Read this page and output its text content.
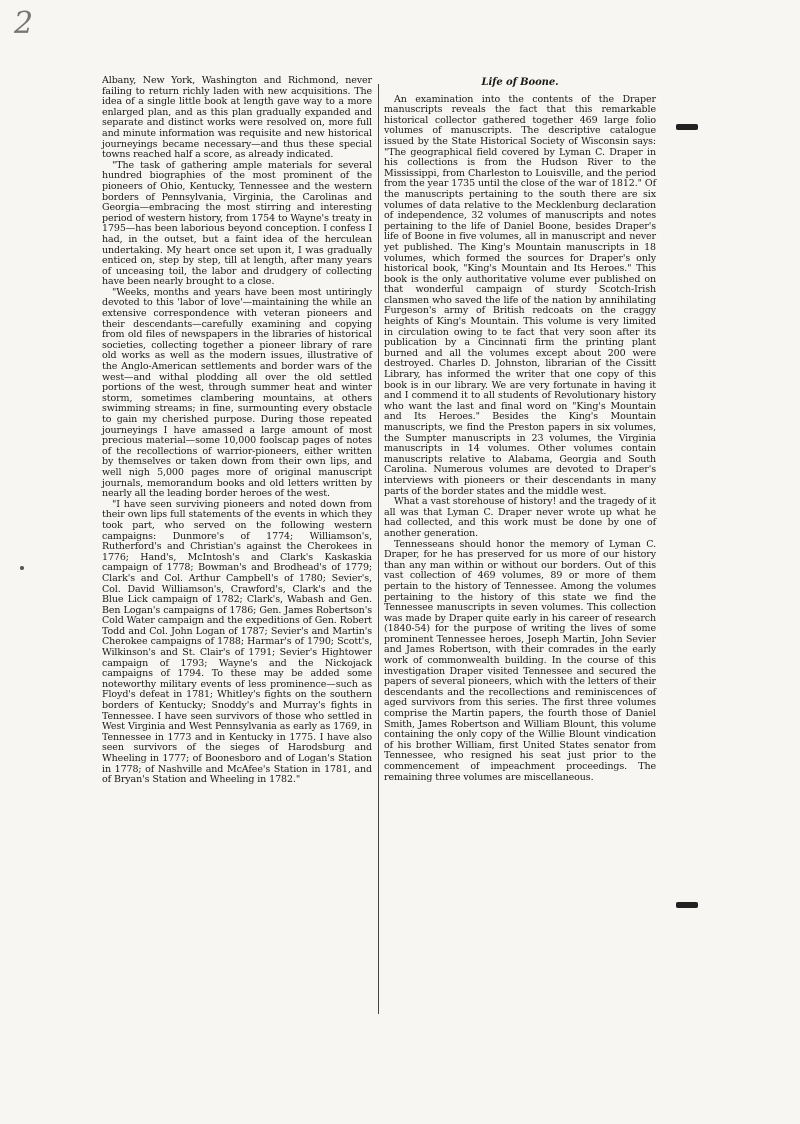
2

Albany, New York, Washington and Richmond, never failing to return richly laden with new acquisitions. The idea of a single little book at length gave way to a more enlarged plan, and as this plan gradually expanded and separate and distinct works were resolved on, more full and minute information was requisite and new historical journeyings became necessary—and thus these special towns reached half a score, as already indicated.

"The task of gathering ample materials for several hundred biographies of the most prominent of the pioneers of Ohio, Kentucky, Tennessee and the western borders of Pennsylvania, Virginia, the Carolinas and Georgia—embracing the most stirring and interesting period of western history, from 1754 to Wayne's treaty in 1795—has been laborious beyond conception. I confess I had, in the outset, but a faint idea of the herculean undertaking. My heart once set upon it, I was gradually enticed on, step by step, till at length, after many years of unceasing toil, the labor and drudgery of collecting have been nearly brought to a close.

"Weeks, months and years have been most untiringly devoted to this 'labor of love'—maintaining the while an extensive correspondence with veteran pioneers and their descendants—carefully examining and copying from old files of newspapers in the libraries of historical societies, collecting together a pioneer library of rare old works as well as the modern issues, illustrative of the Anglo-American settlements and border wars of the west—and withal plodding all over the old settled portions of the west, through summer heat and winter storm, sometimes clambering mountains, at others swimming streams; in fine, surmounting every obstacle to gain my cherished purpose. During those repeated journeyings I have amassed a large amount of most precious material—some 10,000 foolscap pages of notes of the recollections of warrior-pioneers, either written by themselves or taken down from their own lips, and well nigh 5,000 pages more of original manuscript journals, memorandum books and old letters written by nearly all the leading border heroes of the west.

"I have seen surviving pioneers and noted down from their own lips full statements of the events in which they took part, who served on the following western campaigns: Dunmore's of 1774; Williamson's, Rutherford's and Christian's against the Cherokees in 1776; Hand's, McIntosh's and Clark's Kaskaskia campaign of 1778; Bowman's and Brodhead's of 1779; Clark's and Col. Arthur Campbell's of 1780; Sevier's, Col. David Williamson's, Crawford's, Clark's and the Blue Lick campaign of 1782; Clark's, Wabash and Gen. Ben Logan's campaigns of 1786; Gen. James Robertson's Cold Water campaign and the expeditions of Gen. Robert Todd and Col. John Logan of 1787; Sevier's and Martin's Cherokee campaigns of 1788; Harmar's of 1790; Scott's, Wilkinson's and St. Clair's of 1791; Sevier's Hightower campaign of 1793; Wayne's and the Nickojack campaigns of 1794. To these may be added some noteworthy military events of less prominence—such as Floyd's defeat in 1781; Whitley's fights on the southern borders of Kentucky; Snoddy's and Murray's fights in Tennessee. I have seen survivors of those who settled in West Virginia and West Pennsylvania as early as 1769, in Tennessee in 1773 and in Kentucky in 1775. I have also seen survivors of the sieges of Harodsburg and Wheeling in 1777; of Boonesboro and of Logan's Station in 1778; of Nashville and McAfee's Station in 1781, and of Bryan's Station and Wheeling in 1782."

Life of Boone.

An examination into the contents of the Draper manuscripts reveals the fact that this remarkable historical collector gathered together 469 large folio volumes of manuscripts. The descriptive catalogue issued by the State Historical Society of Wisconsin says: "The geographical field covered by Lyman C. Draper in his collections is from the Hudson River to the Mississippi, from Charleston to Louisville, and the period from the year 1735 until the close of the war of 1812." Of the manuscripts pertaining to the south there are six volumes of data relative to the Mecklenburg declaration of independence, 32 volumes of manuscripts and notes pertaining to the life of Daniel Boone, besides Draper's life of Boone in five volumes, all in manuscript and never yet published. The King's Mountain manuscripts in 18 volumes, which formed the sources for Draper's only historical book, "King's Mountain and Its Heroes." This book is the only authoritative volume ever published on that wonderful campaign of sturdy Scotch-Irish clansmen who saved the life of the nation by annihilating Furgeson's army of British redcoats on the craggy heights of King's Mountain. This volume is very limited in circulation owing to te fact that very soon after its publication by a Cincinnati firm the printing plant burned and all the volumes except about 200 were destroyed. Charles D. Johnston, librarian of the Cissitt Library, has informed the writer that one copy of this book is in our library. We are very fortunate in having it and I commend it to all students of Revolutionary history who want the last and final word on "King's Mountain and Its Heroes." Besides the King's Mountain manuscripts, we find the Preston papers in six volumes, the Sumpter manuscripts in 23 volumes, the Virginia manuscripts in 14 volumes. Other volumes contain manuscripts relative to Alabama, Georgia and South Carolina. Numerous volumes are devoted to Draper's interviews with pioneers or their descendants in many parts of the border states and the middle west.

What a vast storehouse of history! and the tragedy of it all was that Lyman C. Draper never wrote up what he had collected, and this work must be done by one of another generation.

Tennesseans should honor the memory of Lyman C. Draper, for he has preserved for us more of our history than any man within or without our borders. Out of this vast collection of 469 volumes, 89 or more of them pertain to the history of Tennessee. Among the volumes pertaining to the history of this state we find the Tennessee manuscripts in seven volumes. This collection was made by Draper quite early in his career of research (1840-54) for the purpose of writing the lives of some prominent Tennessee heroes, Joseph Martin, John Sevier and James Robertson, with their comrades in the early work of commonwealth building. In the course of this investigation Draper visited Tennessee and secured the papers of several pioneers, which with the letters of their descendants and the recollections and reminiscences of aged survivors from this series. The first three volumes comprise the Martin papers, the fourth those of Daniel Smith, James Robertson and William Blount, this volume containing the only copy of the Willie Blount vindication of his brother William, first United States senator from Tennessee, who resigned his seat just prior to the commencement of impeachment proceedings. The remaining three volumes are miscellaneous.
